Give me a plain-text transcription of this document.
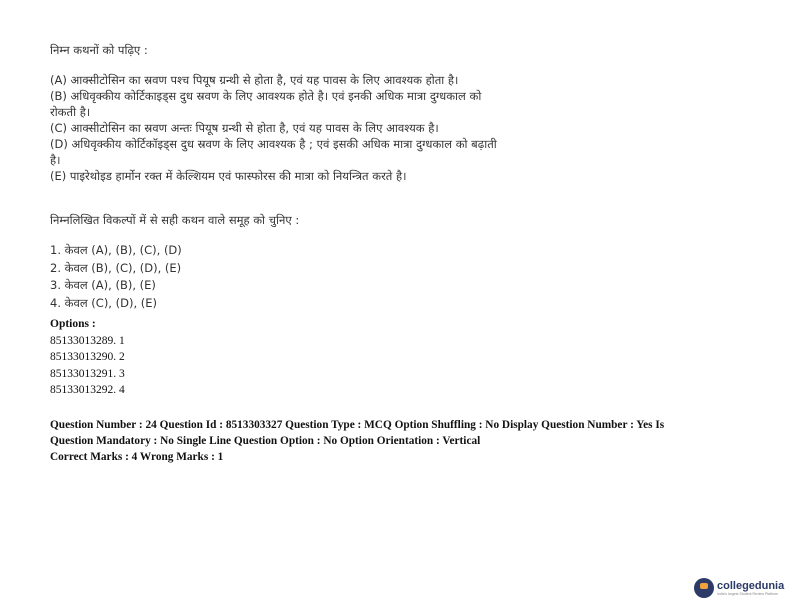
निम्न कथनों को पढ़िए :
(A) आक्सीटोसिन का स्रवण पश्च पियूष ग्रन्थी से होता है, एवं यह पावस के लिए आवश्यक होता है।
(B) अधिवृक्कीय कोर्टिकाइड्स दुध स्रवण के लिए आवश्यक होते है। एवं इनकी अधिक मात्रा दुग्धकाल को
रोकती है।
(C) आक्सीटोसिन का स्रवण अन्तः पियूष ग्रन्थी से होता है, एवं यह पावस के लिए आवश्यक है।
(D) अधिवृक्कीय कोर्टिकॉइड्स दुध स्रवण के लिए आवश्यक है ; एवं इसकी अधिक मात्रा दुग्धकाल को बढ़ाती
है।
(E) पाइरेथोइड हार्मोन रक्त में केल्शियम एवं फास्फोरस की मात्रा को नियन्त्रित करते है।
निम्नलिखित विकल्पों में से सही कथन वाले समूह को चुनिए :
1. केवल (A), (B), (C), (D)
2. केवल (B), (C), (D), (E)
3. केवल (A), (B), (E)
4. केवल (C), (D), (E)
Options :
85133013289. 1
85133013290. 2
85133013291. 3
85133013292. 4
Question Number : 24 Question Id : 8513303327 Question Type : MCQ Option Shuffling : No Display Question Number : Yes Is
Question Mandatory : No Single Line Question Option : No Option Orientation : Vertical
Correct Marks : 4 Wrong Marks : 1
collegedunia
India's largest Student Review Platform
